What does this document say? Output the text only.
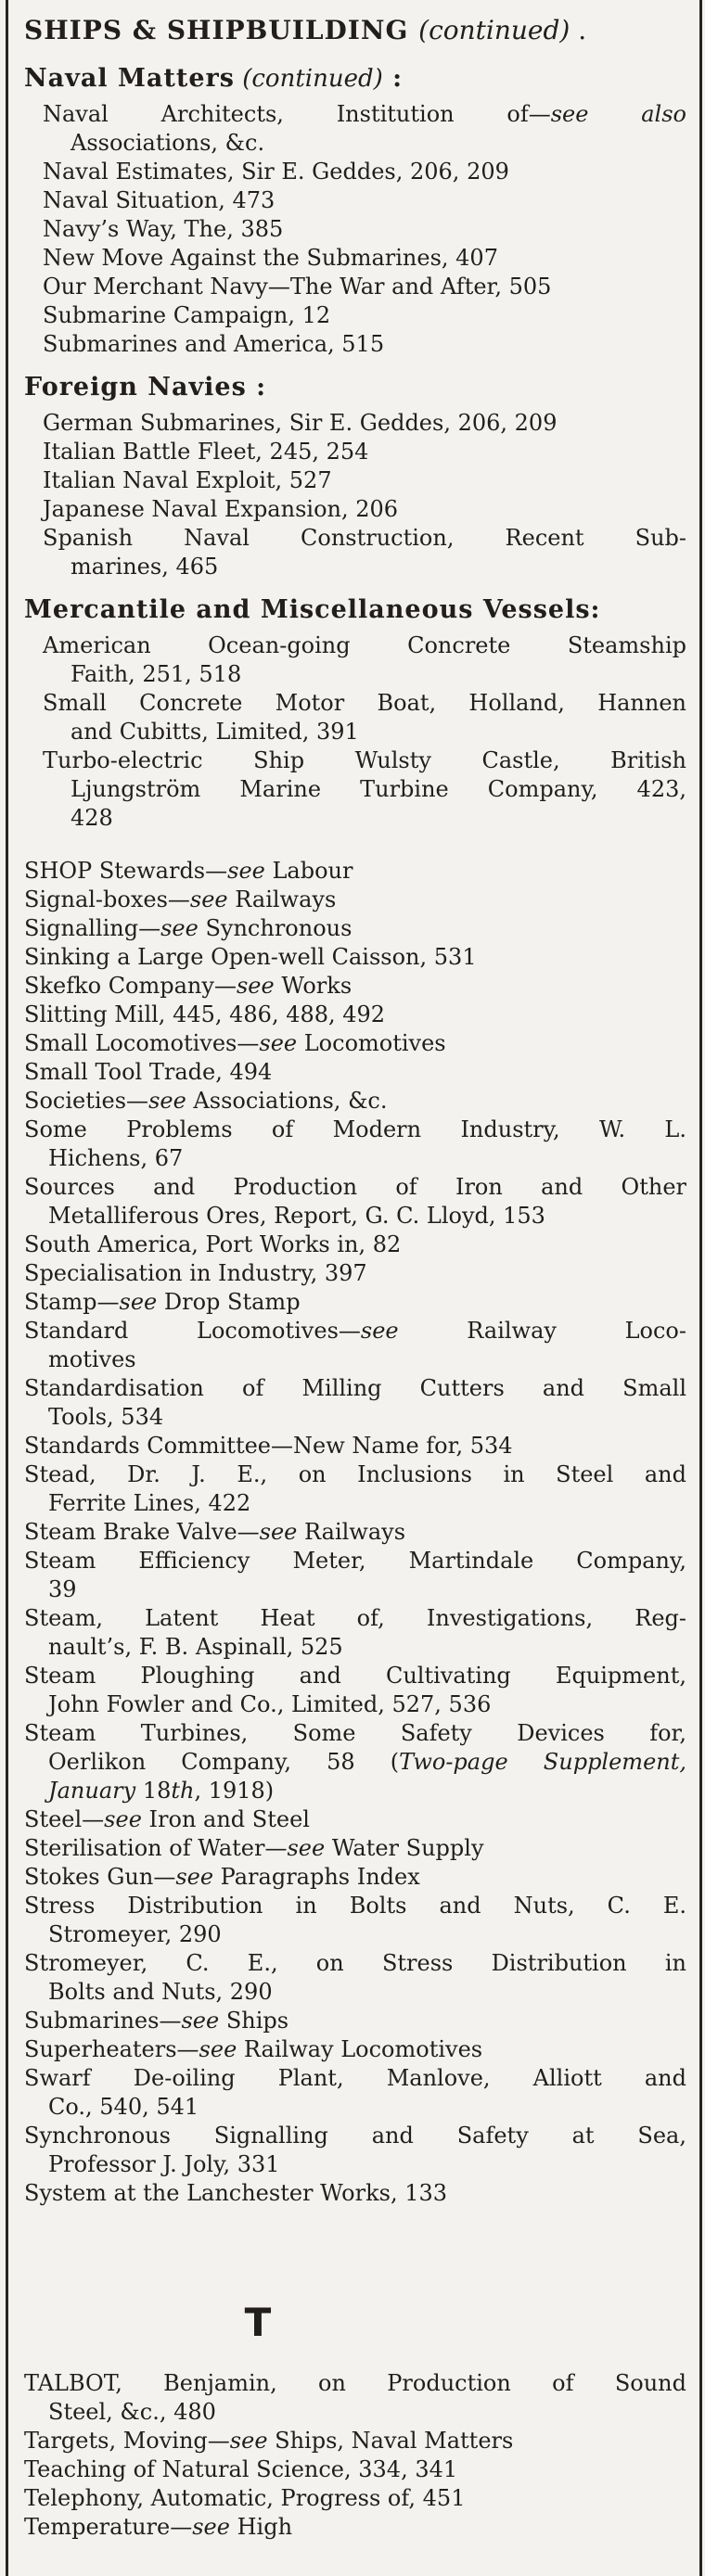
SHIPS & SHIPBUILDING (continued) .
Naval Matters (continued) :
Naval Architects, Institution of—see also
Associations, &c.
Naval Estimates, Sir E. Geddes, 206, 209
Naval Situation, 473
Navy’s Way, The, 385
New Move Against the Submarines, 407
Our Merchant Navy—The War and After, 505
Submarine Campaign, 12
Submarines and America, 515
Foreign Navies :
German Submarines, Sir E. Geddes, 206, 209
Italian Battle Fleet, 245, 254
Italian Naval Exploit, 527
Japanese Naval Expansion, 206
Spanish Naval Construction, Recent Sub-
marines, 465
Mercantile and Miscellaneous Vessels:
American Ocean-going Concrete Steamship
Faith, 251, 518
Small Concrete Motor Boat, Holland, Hannen
and Cubitts, Limited, 391
Turbo-electric Ship Wulsty Castle, British
Ljungström Marine Turbine Company, 423,
428
SHOP Stewards—see Labour
Signal-boxes—see Railways
Signalling—see Synchronous
Sinking a Large Open-well Caisson, 531
Skefko Company—see Works
Slitting Mill, 445, 486, 488, 492
Small Locomotives—see Locomotives
Small Tool Trade, 494
Societies—see Associations, &c.
Some Problems of Modern Industry, W. L.
Hichens, 67
Sources and Production of Iron and Other
Metalliferous Ores, Report, G. C. Lloyd, 153
South America, Port Works in, 82
Specialisation in Industry, 397
Stamp—see Drop Stamp
Standard Locomotives—see Railway Loco-
motives
Standardisation of Milling Cutters and Small
Tools, 534
Standards Committee—New Name for, 534
Stead, Dr. J. E., on Inclusions in Steel and
Ferrite Lines, 422
Steam Brake Valve—see Railways
Steam Efficiency Meter, Martindale Company,
39
Steam, Latent Heat of, Investigations, Reg-
nault’s, F. B. Aspinall, 525
Steam Ploughing and Cultivating Equipment,
John Fowler and Co., Limited, 527, 536
Steam Turbines, Some Safety Devices for,
Oerlikon Company, 58 (Two-page Supplement,
January 18th, 1918)
Steel—see Iron and Steel
Sterilisation of Water—see Water Supply
Stokes Gun—see Paragraphs Index
Stress Distribution in Bolts and Nuts, C. E.
Stromeyer, 290
Stromeyer, C. E., on Stress Distribution in
Bolts and Nuts, 290
Submarines—see Ships
Superheaters—see Railway Locomotives
Swarf De-oiling Plant, Manlove, Alliott and
Co., 540, 541
Synchronous Signalling and Safety at Sea,
Professor J. Joly, 331
System at the Lanchester Works, 133
T
TALBOT, Benjamin, on Production of Sound
Steel, &c., 480
Targets, Moving—see Ships, Naval Matters
Teaching of Natural Science, 334, 341
Telephony, Automatic, Progress of, 451
Temperature—see High
